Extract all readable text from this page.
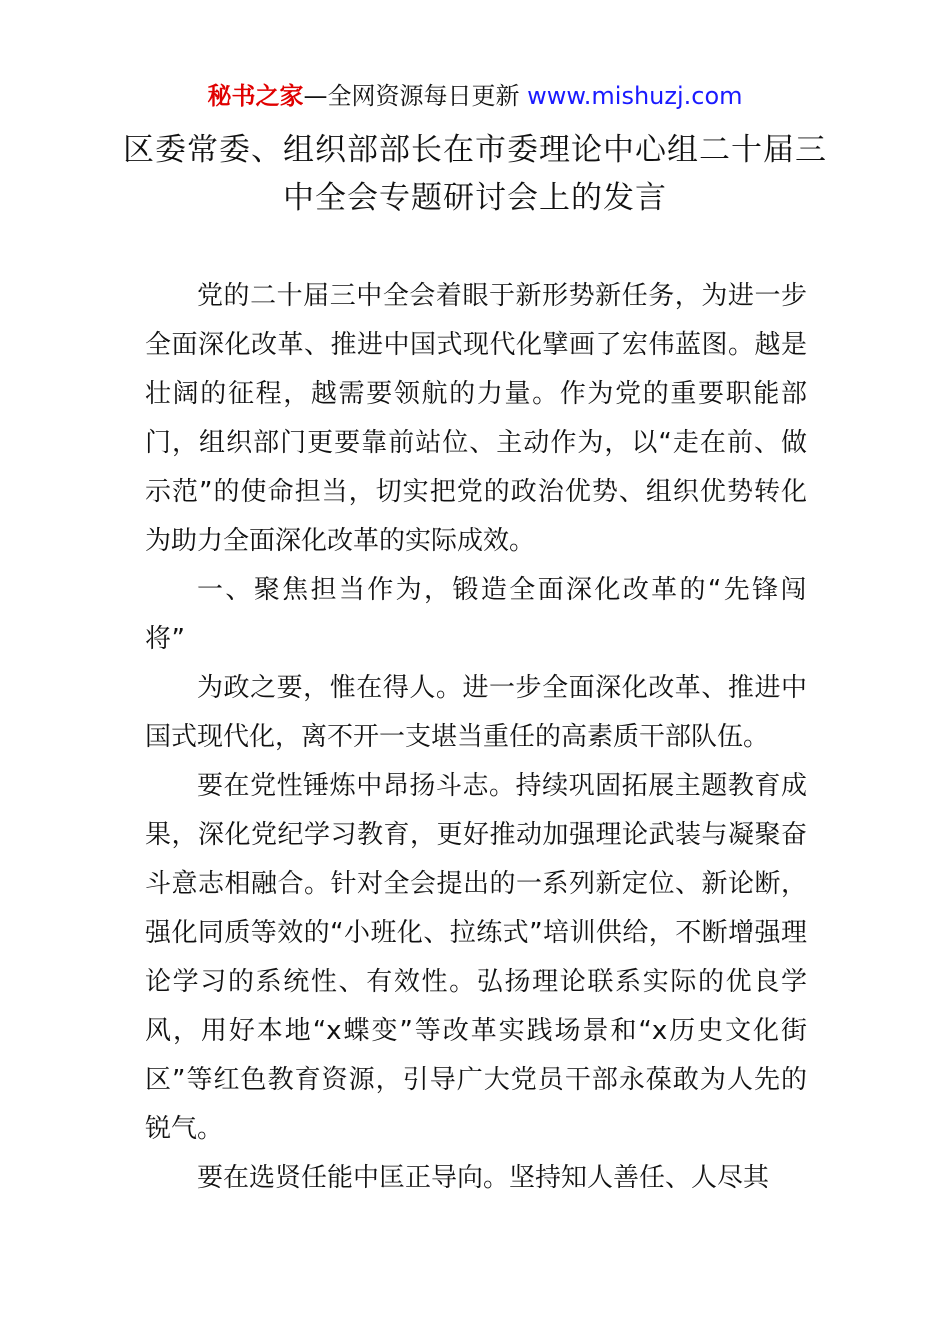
秘书之家—全网资源每日更新 www.mishuzj.com
区委常委、组织部部长在市委理论中心组二十届三中全会专题研讨会上的发言

党的二十届三中全会着眼于新形势新任务，为进一步全面深化改革、推进中国式现代化擘画了宏伟蓝图。越是壮阔的征程，越需要领航的力量。作为党的重要职能部门，组织部门更要靠前站位、主动作为，以“走在前、做示范”的使命担当，切实把党的政治优势、组织优势转化为助力全面深化改革的实际成效。

一、聚焦担当作为，锻造全面深化改革的“先锋闯将”

为政之要，惟在得人。进一步全面深化改革、推进中国式现代化，离不开一支堪当重任的高素质干部队伍。

要在党性锤炼中昂扬斗志。持续巩固拓展主题教育成果，深化党纪学习教育，更好推动加强理论武装与凝聚奋斗意志相融合。针对全会提出的一系列新定位、新论断，强化同质等效的“小班化、拉练式”培训供给，不断增强理论学习的系统性、有效性。弘扬理论联系实际的优良学风，用好本地“x蝶变”等改革实践场景和“x历史文化街区”等红色教育资源，引导广大党员干部永葆敢为人先的锐气。

要在选贤任能中匡正导向。坚持知人善任、人尽其
